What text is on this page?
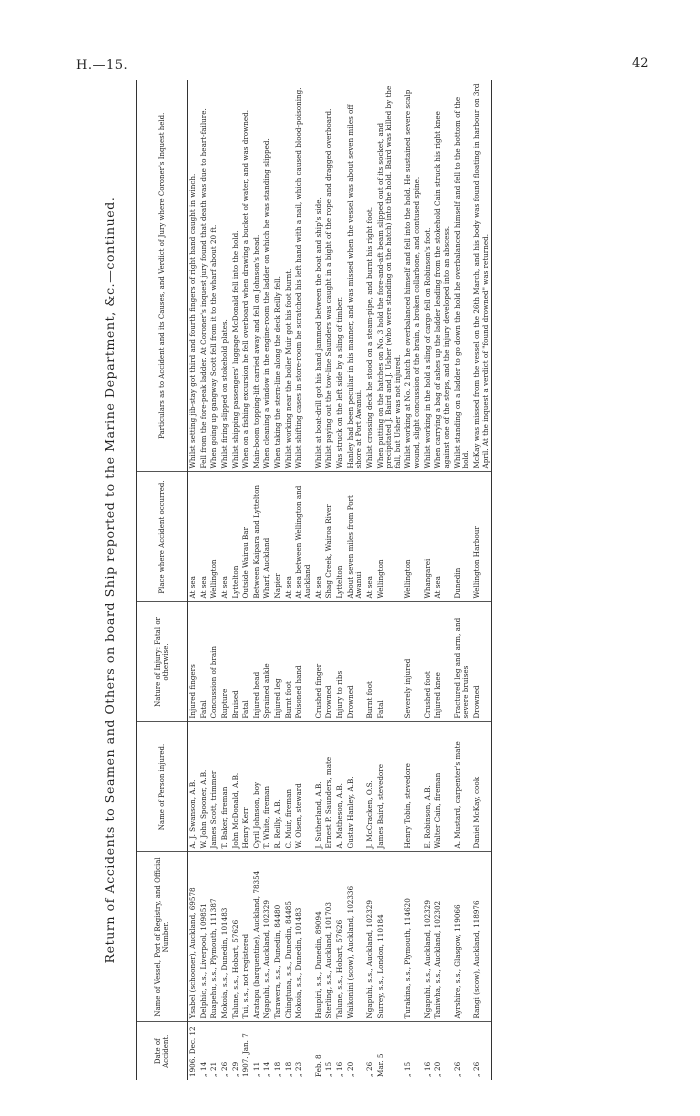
H.—15.	42
Return of Accidents to Seamen and Others on board Ship reported to the Marine Department, &c.—continued.
Date of Accident.	Name of Vessel, Port of Registry, and Official Number.	Name of Person injured.	Nature of Injury: Fatal or otherwise.	Place where Accident occurred.	Particulars as to Accident and its Causes, and Verdict of Jury where Coroner's Inquest held.
1906. Dec. 12	Ysabel (schooner), Auckland, 69578	A. J. Swanson, A.B.	Injured fingers	At sea	Whilst setting jib-stay got third and fourth fingers of right hand caught in winch.
„ 14	Delphic, s.s., Liverpool, 109851	W. John Spooner, A.B.	Fatal	At sea	Fell from the fore-peak ladder. At Coroner's inquest jury found that death was due to heart-failure.
„ 21	Ruapehu, s.s., Plymouth, 111387	James Scott, trimmer	Concussion of brain	Wellington	When going up gangway Scott fell from it to the wharf about 20 ft.
„ 26	Mokoia, s.s., Dunedin, 101483	T. Baker, fireman	Rupture	At sea	Whilst firing slipped on stokehold plates.
„ 29	Talune, s.s., Hobart, 57626	John McDonald, A.B.	Bruised	Lyttelton	Whilst shipping passengers' luggage McDonald fell into the hold.
1907. Jan. 7	Tui, s.s., not registered	Henry Kerr	Fatal	Outside Wairau Bar	When on a fishing excursion he fell overboard when drawing a bucket of water, and was drowned.
„ 11	Aratapu (barquentine), Auckland, 78354	Cyril Johnson, boy	Injured head	Between Kaipara and Lyttelton	Main-boom topping-lift carried away and fell on Johnson's head.
„ 14	Ngapuhi, s.s., Auckland, 102329	T. White, fireman	Sprained ankle	Wharf, Auckland	When cleaning a window in the engine-room the ladder on which he was standing slipped.
„ 18	Tarawera, s.s., Dunedin, 84480	R. Reilly, A.B.	Injured leg	Napier	When taking the stern-line along the deck Reilly fell.
„ 18	Chingtuna, s.s., Dunedin, 84485	C. Muir, fireman	Burnt foot	At sea	Whilst working near the boiler Muir got his foot burnt.
„ 23	Mokoia, s.s., Dunedin, 101483	W. Olsen, steward	Poisoned hand	At sea between Wellington and Auckland	Whilst shifting cases in store-room he scratched his left hand with a nail, which caused blood-poisoning.
Feb. 8	Haupiri, s.s., Dunedin, 89094	J. Sutherland, A.B.	Crushed finger	At sea	Whilst at boat-drill got his hand jammed between the boat and ship's side.
„ 15	Sterling, s.s., Auckland, 101703	Ernest P. Saunders, mate	Drowned	Shag Creek, Wairoa River	Whilst paying out the tow-line Saunders was caught in a bight of the rope and dragged overboard.
„ 16	Talune, s.s., Hobart, 57626	A. Matheson, A.B.	Injury to ribs	Lyttelton	Was struck on the left side by a sling of timber.
„ 20	Waikonini (scow), Auckland, 102336	Gustav Hanley, A.B.	Drowned	About seven miles from Port Awanui	Hanley had been peculiar in his manner, and was missed when the vessel was about seven miles off shore at Port Awanui.
„ 26	Ngapuhi, s.s., Auckland, 102329	J. McCracken, O.S.	Burnt foot	At sea	Whilst crossing deck he stood on a steam-pipe, and burnt his right foot.
Mar. 5	Surrey, s.s., London, 110184	James Baird, stevedore	Fatal	Wellington	When putting on the hatches on No. 3 hold the fore-and-aft beam slipped out of its socket, and precipitated J. Baird and J. Usher (who were standing on the hatch) into the hold. Baird was killed by the fall, but Usher was not injured.
„ 15	Turakina, s.s., Plymouth, 114620	Henry Tobin, stevedore	Severely injured	Wellington	Whilst working at No. 2 hatch he overbalanced himself and fell into the hold. He sustained severe scalp wound, slight concussion of the brain, a broken collarbone, and contused spine.
„ 16	Ngapuhi, s.s., Auckland, 102329	E. Robinson, A.B.	Crushed foot	Whangarei	Whilst working in the hold a sling of cargo fell on Robinson's foot.
„ 20	Taniwha, s.s., Auckland, 102302	Walter Cain, fireman	Injured knee	At sea	When carrying a bag of ashes up the ladder leading from the stokehold Cain struck his right knee against one of the steps, and the injury developed into an abscess.
„ 26	Ayrshire, s.s., Glasgow, 119066	A. Mustard, carpenter's mate	Fractured leg and arm, and severe bruises	Dunedin	Whilst standing on a ladder to go down the hold he overbalanced himself and fell to the bottom of the hold.
„ 26	Rangi (scow), Auckland, 118976	Daniel McKay, cook	Drowned	Wellington Harbour	McKay was missed from the vessel on the 26th March, and his body was found floating in harbour on 3rd April. At the inquest a verdict of "found drowned" was returned.
